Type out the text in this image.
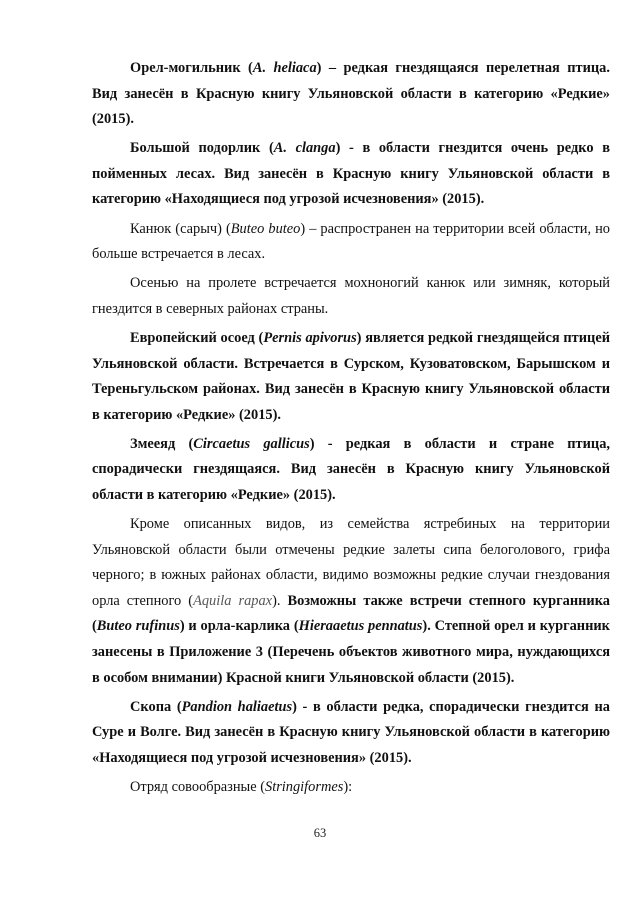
Орел-могильник (A. heliaca) – редкая гнездящаяся перелетная птица. Вид занесён в Красную книгу Ульяновской области в категорию «Редкие» (2015).

Большой подорлик (A. clanga) - в области гнездится очень редко в пойменных лесах. Вид занесён в Красную книгу Ульяновской области в категорию «Находящиеся под угрозой исчезновения» (2015).

Канюк (сарыч) (Buteo buteo) – распространен на территории всей области, но больше встречается в лесах.

Осенью на пролете встречается мохноногий канюк или зимняк, который гнездится в северных районах страны.

Европейский осоед (Pernis apivorus) является редкой гнездящейся птицей Ульяновской области. Встречается в Сурском, Кузоватовском, Барышском и Тереньгульском районах. Вид занесён в Красную книгу Ульяновской области в категорию «Редкие» (2015).

Змееяд (Circaetus gallicus) - редкая в области и стране птица, спорадически гнездящаяся. Вид занесён в Красную книгу Ульяновской области в категорию «Редкие» (2015).

Кроме описанных видов, из семейства ястребиных на территории Ульяновской области были отмечены редкие залеты сипа белоголового, грифа черного; в южных районах области, видимо возможны редкие случаи гнездования орла степного (Aquila rapax). Возможны также встречи степного курганника (Buteo rufinus) и орла-карлика (Hieraaetus pennatus). Степной орел и курганник занесены в Приложение 3 (Перечень объектов животного мира, нуждающихся в особом внимании) Красной книги Ульяновской области (2015).

Скопа (Pandion haliaetus) - в области редка, спорадически гнездится на Суре и Волге. Вид занесён в Красную книгу Ульяновской области в категорию «Находящиеся под угрозой исчезновения» (2015).

Отряд совообразные (Stringiformes):

63
